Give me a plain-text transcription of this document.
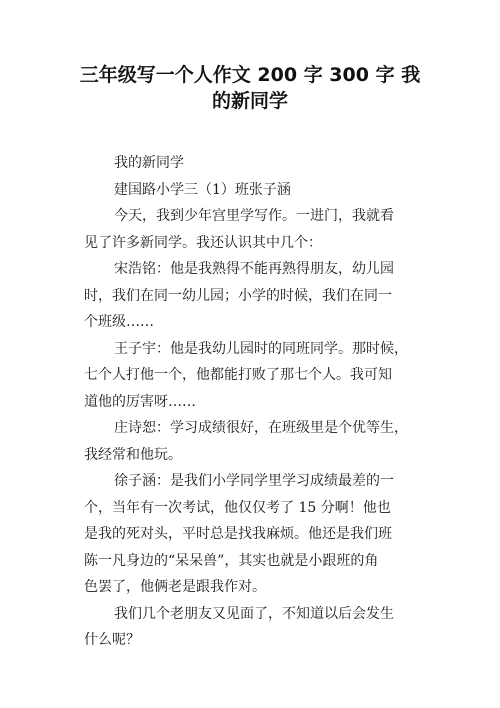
三年级写一个人作文 200 字 300 字 我
的新同学
我的新同学
建国路小学三（1）班张子涵
今天，我到少年宫里学写作。一进门，我就看
见了许多新同学。我还认识其中几个：
宋浩铭：他是我熟得不能再熟得朋友，幼儿园
时，我们在同一幼儿园；小学的时候，我们在同一
个班级……
王子宇：他是我幼儿园时的同班同学。那时候，
七个人打他一个，他都能打败了那七个人。我可知
道他的厉害呀……
庄诗恕：学习成绩很好，在班级里是个优等生，
我经常和他玩。
徐子涵：是我们小学同学里学习成绩最差的一
个，当年有一次考试，他仅仅考了 15 分啊！他也
是我的死对头，平时总是找我麻烦。他还是我们班
陈一凡身边的“呆呆兽”，其实也就是小跟班的角
色罢了，他俩老是跟我作对。
我们几个老朋友又见面了，不知道以后会发生
什么呢？
